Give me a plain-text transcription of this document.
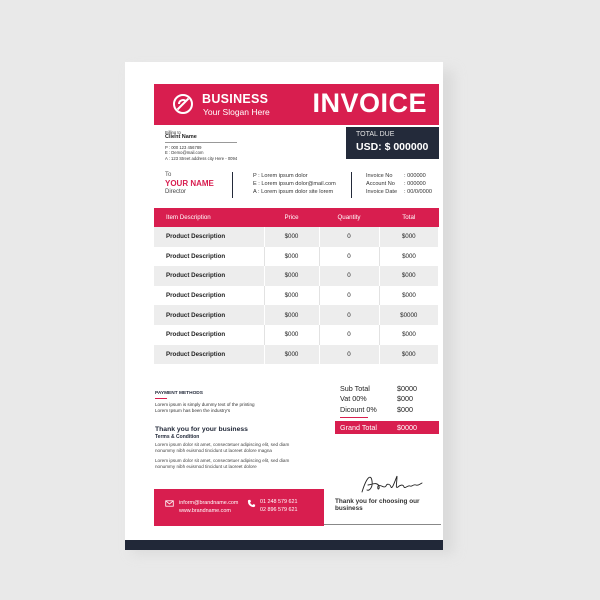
BUSINESS
Your Slogan Here INVOICE
TOTAL DUE
USD: $ 000000
Billing to
Client Name
P : 000 123 456789
E : Demo@mail.com
A : 123 Street address city Here - 0094
To
YOUR NAME
Director
P : Lorem ipsum dolor
E : Lorem ipsum dolor@mail.com
A : Lorem ipsum dolor site lorem
Invoice No	: 000000
Account No	: 000000
Invoice Date	: 00/0/0000
Item Description	Price	Quantity	Total
Product Description	$000	0	$000
Product Description	$000	0	$000
Product Description	$000	0	$000
Product Description	$000	0	$000
Product Description	$000	0	$0000
Product Description	$000	0	$000
Product Description	$000	0	$000
PAYMENT METHODS
Lorem ipsum is simply dummy text of the printing
Lorem Ipsum has been the industry's
Thank you for your business
Terms & Condition
Lorem ipsum dolor sit amet, consectetuer adipiscing elit, sed diam nonummy nibh euismod tincidunt ut laoreet dolore magna
Lorem ipsum dolor sit amet, consectetuer adipiscing elit, sed diam nonummy nibh euismod tincidunt ut laoreet dolore
Sub Total	$0000
Vat 00%	$000
Dicount 0%	$000
Grand Total	$0000
inform@brandname.com
www.brandname.com
01 248 579 621
02 896 579 621
Thank you for choosing our business
